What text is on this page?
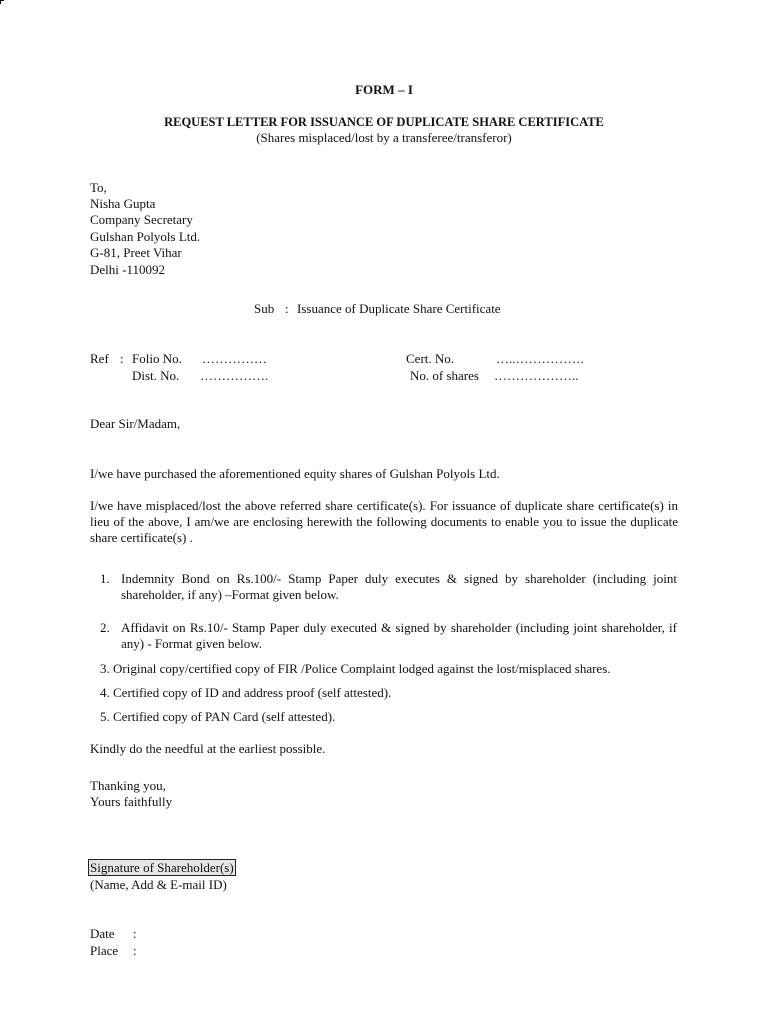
FORM – I
REQUEST LETTER FOR ISSUANCE OF DUPLICATE SHARE CERTIFICATE
(Shares misplaced/lost by a transferee/transferor)
To,
Nisha Gupta
Company Secretary
Gulshan Polyols Ltd.
G-81, Preet Vihar
Delhi -110092
Sub : Issuance of Duplicate Share Certificate
Ref : Folio No. ……………
Dist. No. …………….
Cert. No.	…..…………….
No. of shares ………………..
Dear Sir/Madam,
I/we have purchased the aforementioned equity shares of Gulshan Polyols Ltd.
I/we have misplaced/lost the above referred share certificate(s). For issuance of duplicate share certificate(s) in lieu of the above, I am/we are enclosing herewith the following documents to enable you to issue the duplicate share certificate(s) .
1. Indemnity Bond on Rs.100/- Stamp Paper duly executes & signed by shareholder (including joint shareholder, if any) –Format given below.
2. Affidavit on Rs.10/- Stamp Paper duly executed & signed by shareholder (including joint shareholder, if any) - Format given below.
3. Original copy/certified copy of FIR /Police Complaint lodged against the lost/misplaced shares.
4. Certified copy of ID and address proof (self attested).
5. Certified copy of PAN Card (self attested).
Kindly do the needful at the earliest possible.
Thanking you,
Yours faithfully
Signature of Shareholder(s)
(Name, Add & E-mail ID)
Date :
Place :
